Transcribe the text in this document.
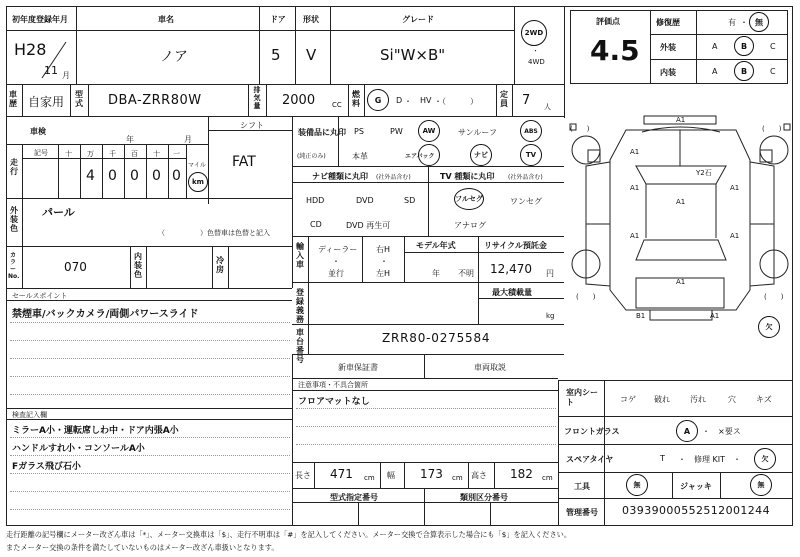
初年度登録年月
H28
11 月
車名
ノア
ドア
5
形状
V
グレード
Si"W×B"
2WD
・
4WD
評価点
4.5
修復歴	有 ・ 無
外装	A	B	C
内装	A	B	C
車歴 自家用
型式 DBA-ZRR80W
排気量 2000 CC
燃料	G	D ・ HV ・（　　　）
定員 7 人
車検
年	月
シフト
FAT
走行
記号 十 万 千 百 十 一
マイル
4 0 0 0 0	km
外装色
パール
（　　　　　）色替車は色替と記入
カラーNo.
070
内装色
冷房
装備品に丸印
(純正のみ)
PS	PW	AW	サンルーフ	ABS
本革	エアバック	ナビ	TV
ナビ種類に丸印 (社外品含む)
HDD	DVD	SD
CD	DVD 再生可
TV 種類に丸印 (社外品含む)
フルセグ	ワンセグ
アナログ
輸入車
ディーラー
・
並行
右H
・
左H
モデル年式
年 不明
リサイクル預託金
12,470 円
登録義務
最大積載量
kg
車台番号
ZRR80-0275584
セールスポイント
禁煙車/バックカメラ/両側パワースライド
検査記入欄
ミラーA小・運転席しわ中・ドア内張A小
ハンドルすれ小・コンソールA小
Fガラス飛び石小
新車保証書	車両取説
注意事項・不具合箇所
フロアマットなし
長さ 471 cm 幅 173 cm 高さ 182 cm
型式指定番号	類別区分番号
(　　)	(　　)
(　　)	(　　)
A1
A1
Y2石
A1	A1
A1	A1
A1
A1
B1	A1
欠
室内シート	コゲ 破れ	汚れ	穴	キズ
フロントガラス	A	・　×要ス
スペアタイヤ	T ・　修理 KIT　・	欠
工具	無	ジャッキ	無
管理番号 03939000552512001244
走行距離の記号欄にメーター改ざん車は「*」、メーター交換車は「$」、走行不明車は「#」を記入してください。メーター交換で合算表示した場合にも「$」を記入ください。
またメーター交換の条件を満たしていないものはメーター改ざん車扱いとなります。
